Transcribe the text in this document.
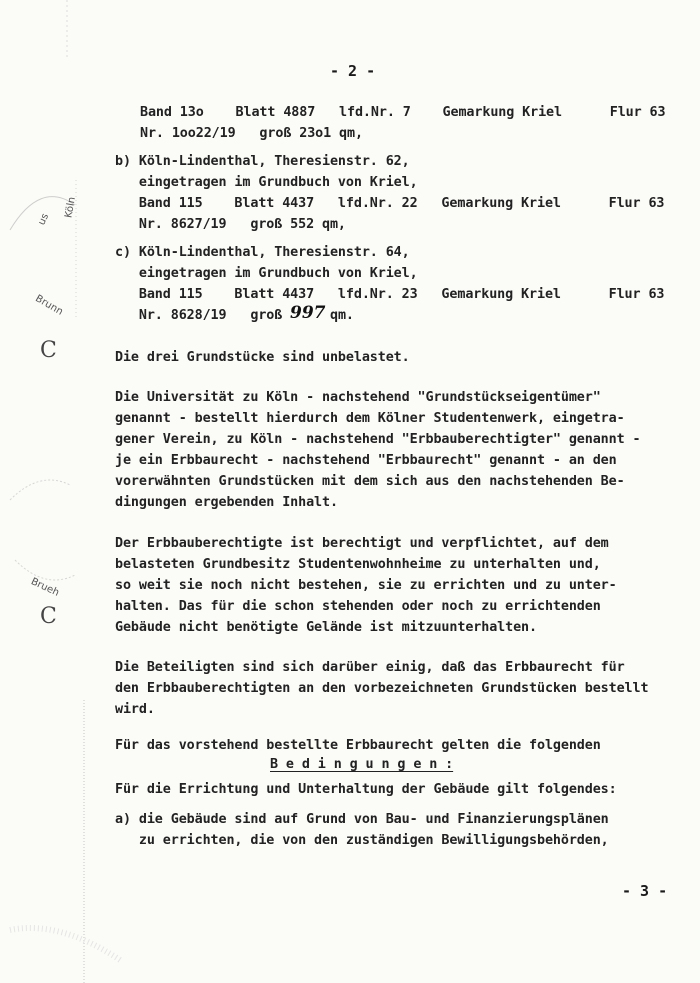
us
Köln
Brunn
Brueh
C
C
- 2 -
Band 13o    Blatt 4887   lfd.Nr. 7    Gemarkung Kriel      Flur 63
Nr. 1oo22/19   groß 23o1 qm,
b) Köln-Lindenthal, Theresienstr. 62,
eingetragen im Grundbuch von Kriel,
Band 115    Blatt 4437   lfd.Nr. 22   Gemarkung Kriel      Flur 63
Nr. 8627/19   groß 552 qm,
c) Köln-Lindenthal, Theresienstr. 64,
eingetragen im Grundbuch von Kriel,
Band 115    Blatt 4437   lfd.Nr. 23   Gemarkung Kriel      Flur 63
Nr. 8628/19   groß 997 qm.
Die drei Grundstücke sind unbelastet.
Die Universität zu Köln - nachstehend "Grundstückseigentümer"
genannt - bestellt hierdurch dem Kölner Studentenwerk, eingetra-
gener Verein, zu Köln - nachstehend "Erbbauberechtigter" genannt -
je ein Erbbaurecht - nachstehend "Erbbaurecht" genannt - an den
vorerwähnten Grundstücken mit dem sich aus den nachstehenden Be-
dingungen ergebenden Inhalt.
Der Erbbauberechtigte ist berechtigt und verpflichtet, auf dem
belasteten Grundbesitz Studentenwohnheime zu unterhalten und,
so weit sie noch nicht bestehen, sie zu errichten und zu unter-
halten. Das für die schon stehenden oder noch zu errichtenden
Gebäude nicht benötigte Gelände ist mitzuunterhalten.
Die Beteiligten sind sich darüber einig, daß das Erbbaurecht für
den Erbbauberechtigten an den vorbezeichneten Grundstücken bestellt
wird.
Für das vorstehend bestellte Erbbaurecht gelten die folgenden
B e d i n g u n g e n :
Für die Errichtung und Unterhaltung der Gebäude gilt folgendes:
a) die Gebäude sind auf Grund von Bau- und Finanzierungsplänen
zu errichten, die von den zuständigen Bewilligungsbehörden,
- 3 -
